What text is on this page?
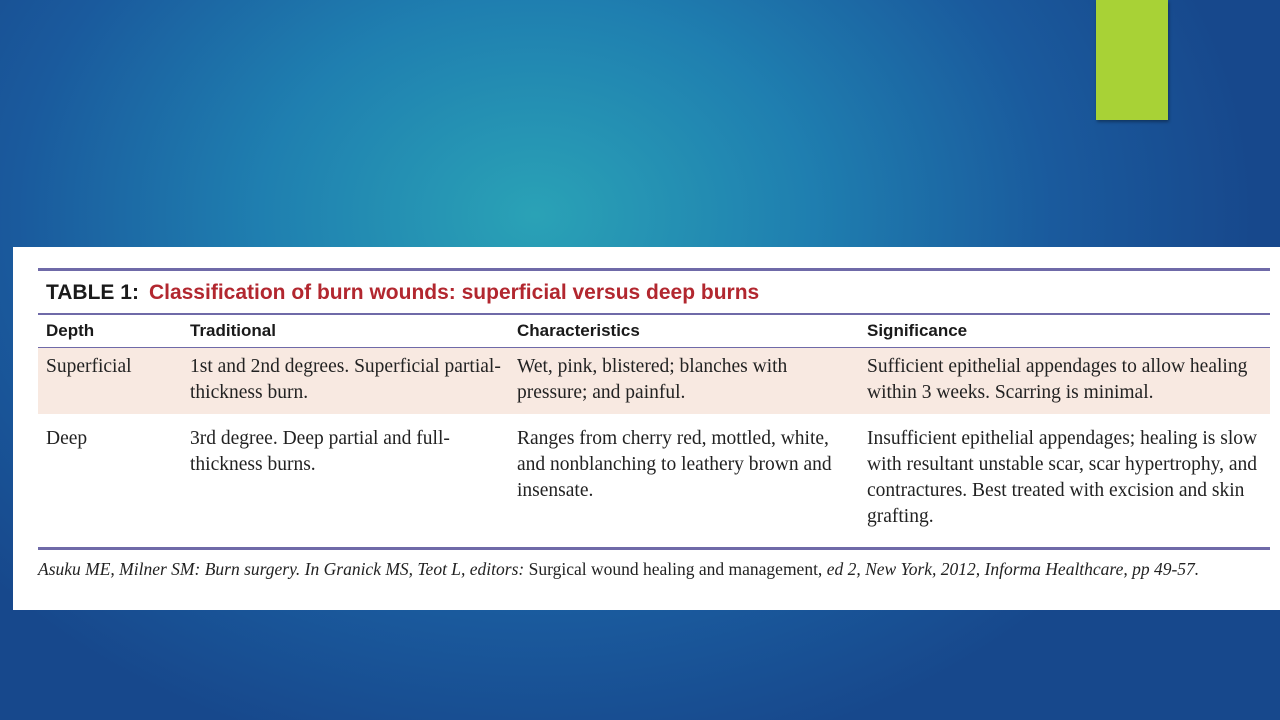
TABLE 1: Classification of burn wounds: superficial versus deep burns
Depth	Traditional	Characteristics	Significance
Superficial	1st and 2nd degrees. Superficial partial-thickness burn.	Wet, pink, blistered; blanches with pressure; and painful.	Sufficient epithelial appendages to allow healing within 3 weeks. Scarring is minimal.
Deep	3rd degree. Deep partial and full-thickness burns.	Ranges from cherry red, mottled, white, and nonblanching to leathery brown and insensate.	Insufficient epithelial appendages; healing is slow with resultant unstable scar, scar hypertrophy, and contractures. Best treated with excision and skin grafting.
Asuku ME, Milner SM: Burn surgery. In Granick MS, Teot L, editors: Surgical wound healing and management, ed 2, New York, 2012, Informa Healthcare, pp 49-57.
